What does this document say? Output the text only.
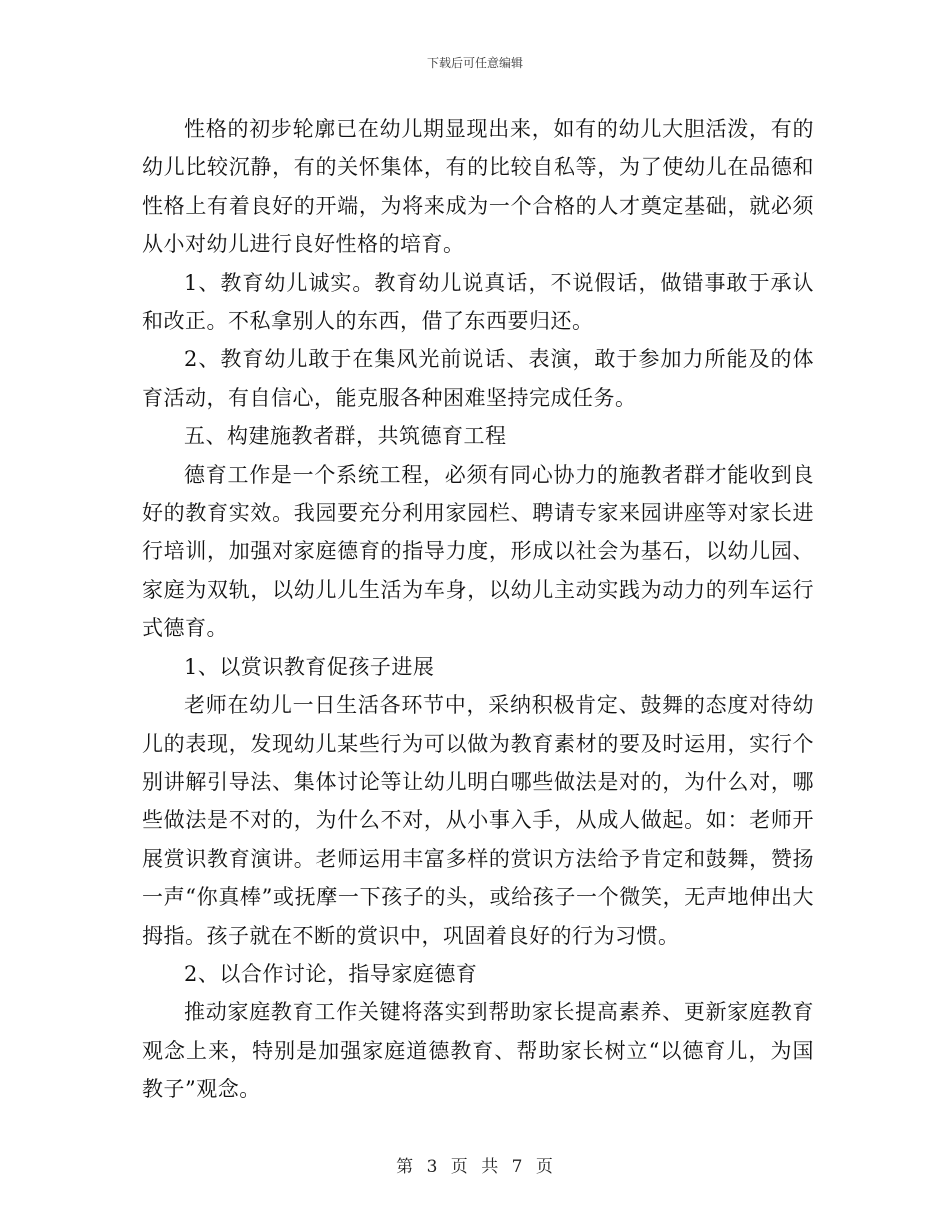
下载后可任意编辑

性格的初步轮廓已在幼儿期显现出来，如有的幼儿大胆活泼，有的幼儿比较沉静，有的关怀集体，有的比较自私等，为了使幼儿在品德和性格上有着良好的开端，为将来成为一个合格的人才奠定基础，就必须从小对幼儿进行良好性格的培育。

1、教育幼儿诚实。教育幼儿说真话，不说假话，做错事敢于承认和改正。不私拿别人的东西，借了东西要归还。

2、教育幼儿敢于在集风光前说话、表演，敢于参加力所能及的体育活动，有自信心，能克服各种困难坚持完成任务。

五、构建施教者群，共筑德育工程

德育工作是一个系统工程，必须有同心协力的施教者群才能收到良好的教育实效。我园要充分利用家园栏、聘请专家来园讲座等对家长进行培训，加强对家庭德育的指导力度，形成以社会为基石，以幼儿园、家庭为双轨，以幼儿儿生活为车身，以幼儿主动实践为动力的列车运行式德育。

1、以赏识教育促孩子进展

老师在幼儿一日生活各环节中，采纳积极肯定、鼓舞的态度对待幼儿的表现，发现幼儿某些行为可以做为教育素材的要及时运用，实行个别讲解引导法、集体讨论等让幼儿明白哪些做法是对的，为什么对，哪些做法是不对的，为什么不对，从小事入手，从成人做起。如：老师开展赏识教育演讲。老师运用丰富多样的赏识方法给予肯定和鼓舞，赞扬一声“你真棒”或抚摩一下孩子的头，或给孩子一个微笑，无声地伸出大拇指。孩子就在不断的赏识中，巩固着良好的行为习惯。

2、以合作讨论，指导家庭德育

推动家庭教育工作关键将落实到帮助家长提高素养、更新家庭教育观念上来，特别是加强家庭道德教育、帮助家长树立“以德育儿，为国教子”观念。

第 3 页 共 7 页
